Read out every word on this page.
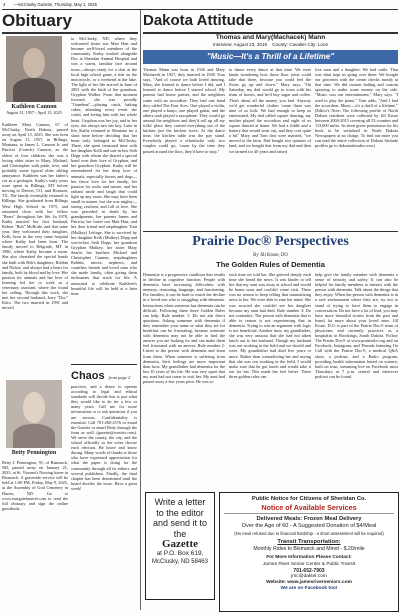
4 —McClusky Gazette, Thursday, May 1, 2025
Obituary
Kathleen Cannon
August 31, 1957 - April 15, 2025

Kathleen Mary Cannon, 67 of McClusky, North Dakota, passed away on April 15, 2025. She was born on August 31, 1957, in Billings, Montana, to James L. Cannon Jr. and Patricia (Conick) Cannon, as the oldest of four children, she was a loving older sister to Mary, Michael, and Christopher with pride, love, and probably some typical older sibling annoyance. Kathleen was her father's car as a geologist. Kathy's early years were spent in Billings, MT before moving to Denver, CO, and Houston, TX. The family eventually returned to Billings. She graduated from Billings West High School in 1975, and remained close with her fellow "Bears" throughout her life. In 1978, Kathy married her first husband, Robert "Bob" McBride, and that same year, they welcomed their daughter, Kelli, born in the very same hospital where Kathy had been born. The family moved to Belgrade, MT in 1980, where Kathy became a mom. She also cherished the special bonds she built with Bob's daughters, Robbin and Nickie, and always had a heart for family, both by blood and by love. Her passion for animals and her love of learning led her to work as a veterinary assistant, where she found her calling. Through this work, she met her second husband, Jerry "Doc" Kitto. The two married in 1991 and moved

Betty Pennington

Betty J. Pennington, 91, of Bismarck, ND, passed away on January 21, 2025, at St. Vincent's Nursing home in Bismarck. A graveside service will be held at 1:00 PM, Friday, May 9, 2025, at the Assembly of God Cemetery in Hazen, ND. Go to www.eastgatefuneral.com to read the full obituary and sign the online guestbook.

to McClusky, ND, where they welcomed foster son Matt Hart and became well-loved members of the community. Kathy worked alongside Doc at Sheridan Animal Hospital and was a warm, familiar face around town—always ready for a chat at the local high school game, a ride on the motorcycle, or a weekend at the lake. The light of her life arrived in June of 2001 with the birth of her grandson, Gryphon Walker. From that moment forward, she was proudly "Grandma"—playing catch, baking cakes, attending every event she could, and loving him with her whole heart. Gryphon was her joy, and in her eyes, she always saw her boy. Later in life, Kathy returned to Montana for a short time before deciding that her heart truly belonged in McClusky. There, she spent treasured time with her daughter Kelli and son-in-law Seth Depp with whom she shared a special bond over their love of Gryphon, and her grandson Gryphon. Kathy will be remembered for her deep love of animals, especially horses and dogs—her fierce love for her family, her passion for rocks and nature, and her radiant smile and laugh that could light up any room. She may have been small in stature, but she was mighty—strong, resilient, and full of love. She was preceded in death by her grandparents, her parents James and Patricia, her foster son Matt Hart, and her dear friend and stepdaughter Toni (Mulkey) Leftage. She is survived by her daughter Kelli (Mulkey) Depp and son-in-law Seth Depp; her grandson Gryphon Mulkey; her sister Mary Searle; her brothers Michael and Christopher Cannon; stepdaughters Robbin, nieces, nephews, and countless friends and loved ones who she made family, often giving them nicknames that stuck for life. A memorial to celebrate Kathleen's beautiful life will be held at a later time.

Chaos from page 2

practices, and a desire to operate according to legal and ethical standards will decide this is just what they would like to do for a few or many years. Call me for more information or to ask questions if you are serious. Confidentiality is essential. Call 701-260-2576 or email the Gazette or email Betty through the form as well. (gazette@westriv.com). We serve the county, the city, and the school officially so the votes choose each election. Be brave and know during. Many words of thanks to those who have expressed appreciation for what the paper is doing for the community through all its editors and several publishers. Finally, the final chapter has been determined until the board decides the issue. Have a great week!

Dakota Attitude
Thomas and Mary(Machacek) Mann
Interview: August 23, 2016 County: Cavalier City: Lone
"Music—It's a Thrill of a Lifetime"

Thomas Mann was born in 1926 and Mary Machacek in 1927, they married in 1948. Tom says, "And of course we both loved dancing. Mary, she learned to dance before I did, and I learned to dance before I started school. My parents had house parties, and the neighbors came with an accordion. They had one band they called The Four Aces. One played a violin, one played a banjo, one played guitar, and the others took played a saxophone. They would go around the neighbors and they'd roll up all my folks' place they carried everything out of the kitchen just the kitchen stove. At the dance time, the kitchen table was the pay stand. Everybody played a schottische only two couples could go, 'cause by the time they passed around the floor, they'd have to stop."

to dance every dance at that time. We were kinda wondering how those floor joists could take that there, because you could feel the floors go up and down." Mary says, "On Saturday, my dad would go to town with his team of horses, and he'd buy sugar and coffee. That's about all the money you had. Anyway we'd get wonderful clothes 'cause there was nine of us kids. We had enough to keep us entertained. My dad called square dancing, my mother played the accordion and eight of us square danced at home. We had a fiddle and a battery that would wear out, and they cost quite a bit" Mary and Tom first were married, "we moved to the farm. Dad bought two quarters of land, and we bought that from my dad and then we farmed for 40 years and raised

five sons and a daughter. We had cattle. That was what kept us going over there. We bought our groceries with the cream checks mostly at that time. We did custom bailing and custom spraying to make some money on the side. "Music was our entertainment," Mary says. "I used to play the piano." Tom adds, "And I had the accordion. Music—it's a thrill of a lifetime." (Editor's Note: The following profile of North Dakota residents were collected by Jill Kruse between 2004-2015 covering all 53 counties and 113,000 miles. Its been given permission for his book to be serialized in North Dakota Newspapers at no charge. To find out more you can read the entire collection of Dakota Attitude profiles go to dakotaattitudes.com.)

Prairie Doc® Perspectives
By Jill Kruse, DO
The Golden Rules of Dementia

Dementia is a progressive condition that results in decline in cognitive function. People with dementia have increasing difficulties with memory, reasoning, language, and functioning. For families, it can be hard to watch the decline in a loved one who is struggling with dementia. Interactions when someone has dementia can be difficult. Following these three Golden Rules can help. Rule number 1: Do not ask direct questions. Asking someone with dementia if they remember your name or what they ate for breakfast can be frustrating, because someone with dementia may not be able to find the answer you are looking for and can make them feel frustrated with an answer. Rule number 2: Listen to the person with dementia and learn from them. When someone is suffering from dementia, their feelings are more important than facts. My grandfather had dementia for the last 10 years of his life. He was very upset that my aunt had not come to visit her. My aunt had passed away a few years prior. He was so

each time we told her. She grieved deeply each time she heard the news. It was kinder to tell her that my aunt was away at school and would be home soon and couldn't come visit. There was no reason to keep telling that traumatizing news to her. We were able to ease her mind. She was worried she couldn't see her daughter because my aunt had died. Rule number 3: Do not contradict. The person with dementia that is able to reason is not experiencing that in dementia. Trying to win an argument with logic is not beneficial. Another time, my grandfather, she was very anxious that she had not taken lunch out to her husband. Though my husband was out working in the field and we should and were. My grandfather had died five years or more. Rather than contradicting her and saying that she was out working in the field, I would make sure that he got lunch and would take it out for her. This made her feel better. These three golden rules can

help give the family member with dementia a sense of security and safety. It can also be helpful for family members to interact with the person with dementia. Talk about the things that they enjoy. When the person with dementia is in a safe environment where they are, try not to stand of trying to force them to engage in conversation. Do not have a lot of lead, you may have more beautiful stories from the past and learn) lot more about your loved ones. Jill Kruse, D.O. is part of the Prairie Doc® team of physicians and currently practices as a hospitalist in Brookings, South Dakota. Follow The Prairie Doc® at www.prairiedoc.org and on Facebook, Instagram, and Threads featuring On Call with the Prairie Doc®, a medical Q&A show, a podcast, and a Radio program, providing health information based on science, built on trust, streaming live on Facebook most Thursdays at 7 p.m. central and wherever podcast can be found.

Write a letter
to the editor
and send it to
the
Gazette
at P.O. Box 619,
McClusky, ND 58463
Public Notice for Citizens of Sheridan Co.
Notice of Available Services
Delivered Meals: Frozen Meal Delivery
Over the Age of 60 - A Suggested Donation of $4/Meal
(No meal refused due to financial hardship - a short assessment will be required)
Transit Transportation:
Monthly Rides to Bismarck and Minot - $.20/mile
For More Information Please Contact:
James River Senior Center & Public Transit
701-652-7903
jrsc@daktel.com
Website: www.jamesriverseniors.com
We are on Facebook too!
